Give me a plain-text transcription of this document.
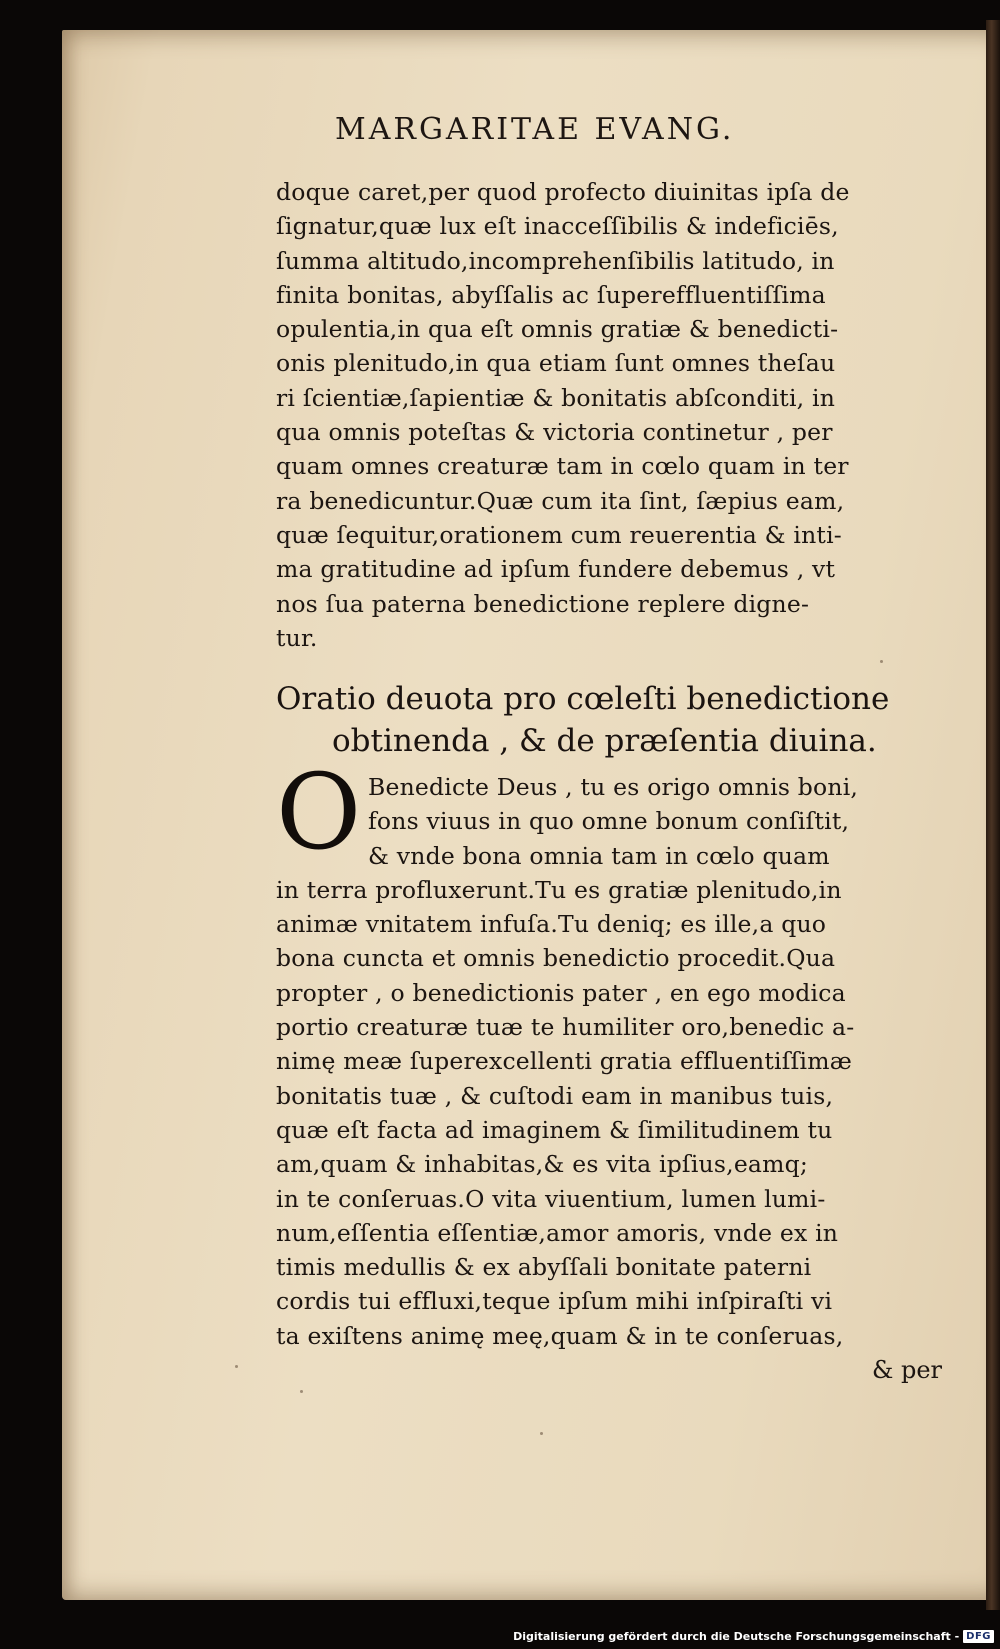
MARGARITAE EVANG.
doque caret,per quod profecto diuinitas ipſa de
ſignatur,quæ lux eſt inacceſſibilis & indeficiēs,
ſumma altitudo,incomprehenſibilis latitudo, in
finita bonitas, abyſſalis ac ſupereffluentiſſima
opulentia,in qua eſt omnis gratiæ & benedicti-
onis plenitudo,in qua etiam ſunt omnes theſau
ri ſcientiæ,ſapientiæ & bonitatis abſconditi, in
qua omnis poteſtas & victoria continetur , per
quam omnes creaturæ tam in cœlo quam in ter
ra benedicuntur.Quæ cum ita ſint, ſæpius eam,
quæ ſequitur,orationem cum reuerentia & inti-
ma gratitudine ad ipſum fundere debemus , vt
nos ſua paterna benedictione replere digne-
tur.
Oratio deuota pro cœleſti benedictione
obtinenda , & de præſentia diuina.
O Benedicte Deus , tu es origo omnis boni,
fons viuus in quo omne bonum conſiſtit,
& vnde bona omnia tam in cœlo quam
in terra profluxerunt.Tu es gratiæ plenitudo,in
animæ vnitatem infuſa.Tu deniq; es ille,a quo
bona cuncta et omnis benedictio procedit.Qua
propter , o benedictionis pater , en ego modica
portio creaturæ tuæ te humiliter oro,benedic a-
nimę meæ ſuperexcellenti gratia effluentiſſimæ
bonitatis tuæ , & cuſtodi eam in manibus tuis,
quæ eſt facta ad imaginem & ſimilitudinem tu
am,quam & inhabitas,& es vita ipſius,eamq;
in te conſeruas.O vita viuentium, lumen lumi-
num,eſſentia eſſentiæ,amor amoris, vnde ex in
timis medullis & ex abyſſali bonitate paterni
cordis tui effluxi,teque ipſum mihi inſpiraſti vi
ta exiſtens animę meę,quam & in te conſeruas,
& per
Digitalisierung gefördert durch die Deutsche Forschungsgemeinschaft - DFG
